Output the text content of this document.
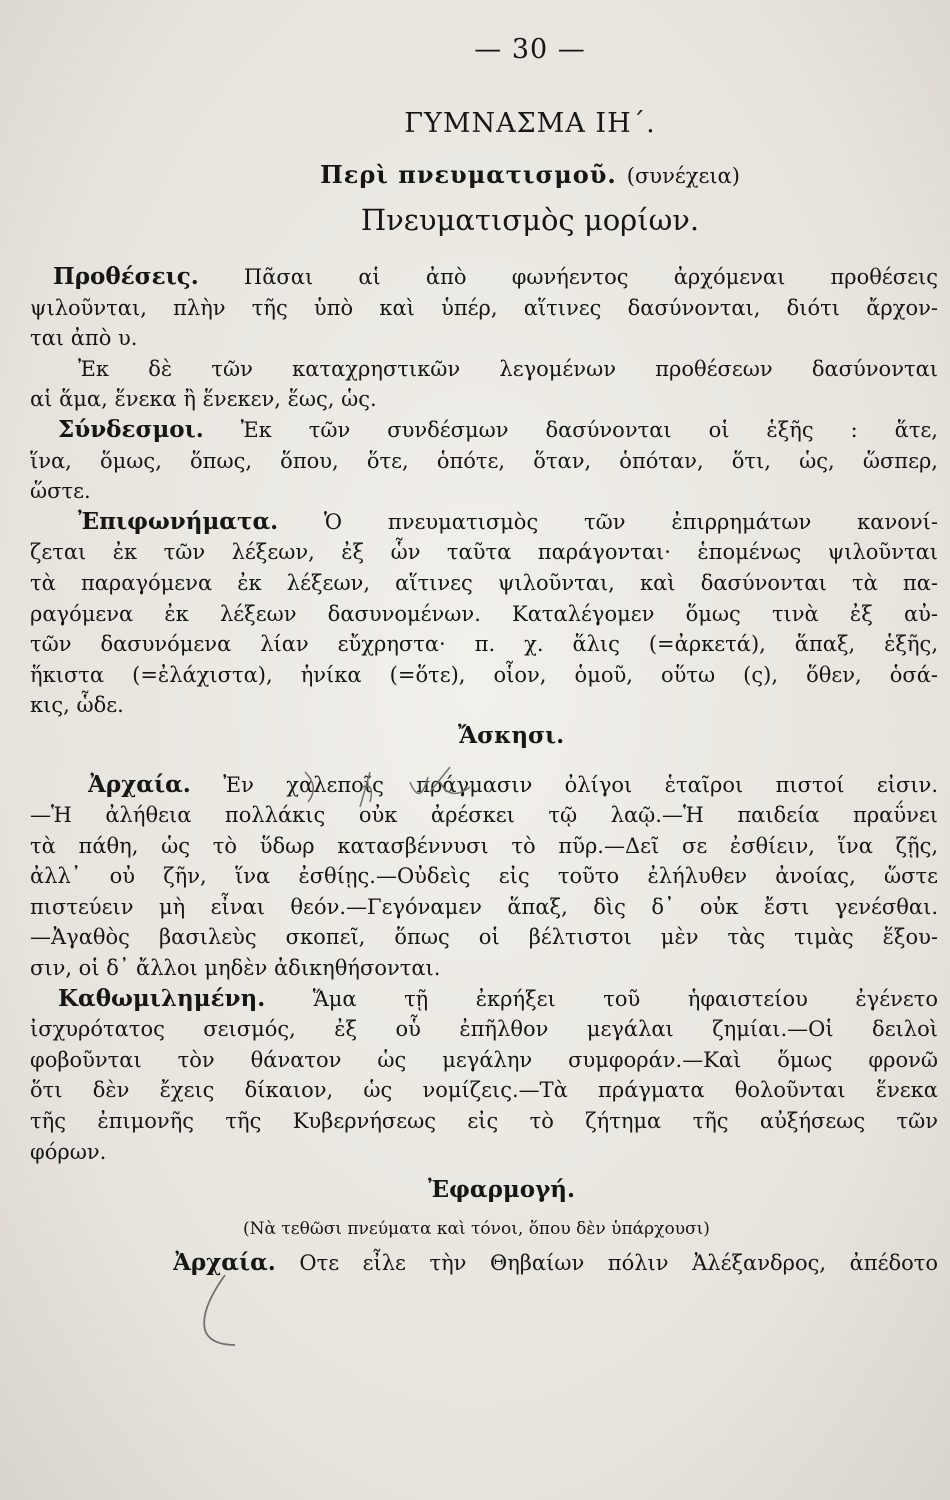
— 30 —
ΓΥΜΝΑΣΜΑ ΙΗ΄.
Περὶ πνευματισμοῦ. (συνέχεια)
Πνευματισμὸς μορίων.
Προθέσεις. Πᾶσαι αἱ ἀπὸ φωνήεντος ἀρχόμεναι προθέσεις
ψιλοῦνται, πλὴν τῆς ὑπὸ καὶ ὑπέρ, αἵτινες δασύνονται, διότι ἄρχον-
ται ἀπὸ υ.
Ἐκ δὲ τῶν καταχρηστικῶν λεγομένων προθέσεων δασύνονται
αἱ ἅμα, ἕνεκα ἢ ἕνεκεν, ἕως, ὡς.
Σύνδεσμοι. Ἐκ τῶν συνδέσμων δασύνονται οἱ ἑξῆς : ἅτε,
ἵνα, ὅμως, ὅπως, ὅπου, ὅτε, ὁπότε, ὅταν, ὁπόταν, ὅτι, ὡς, ὥσπερ,
ὥστε.
Ἐπιφωνήματα. Ὁ πνευματισμὸς τῶν ἐπιρρημάτων κανονί-
ζεται ἐκ τῶν λέξεων, ἐξ ὧν ταῦτα παράγονται· ἑπομένως ψιλοῦνται
τὰ παραγόμενα ἐκ λέξεων, αἵτινες ψιλοῦνται, καὶ δασύνονται τὰ πα-
ραγόμενα ἐκ λέξεων δασυνομένων. Καταλέγομεν ὅμως τινὰ ἐξ αὐ-
τῶν δασυνόμενα λίαν εὔχρηστα· π. χ. ἅλις (=ἀρκετά), ἅπαξ, ἑξῆς,
ἥκιστα (=ἐλάχιστα), ἡνίκα (=ὅτε), οἷον, ὁμοῦ, οὕτω (ς), ὅθεν, ὁσά-
κις, ὧδε.
Ἄσκησι.
Ἀρχαία. Ἐν χαλεποῖς πράγμασιν ὀλίγοι ἑταῖροι πιστοί εἰσιν.
—Ἡ ἀλήθεια πολλάκις οὐκ ἀρέσκει τῷ λαῷ.—Ἡ παιδεία πραΰνει
τὰ πάθη, ὡς τὸ ὕδωρ κατασβέννυσι τὸ πῦρ.—Δεῖ σε ἐσθίειν, ἵνα ζῇς,
ἀλλ᾽ οὐ ζῆν, ἵνα ἐσθίῃς.—Οὐδεὶς εἰς τοῦτο ἐλήλυθεν ἀνοίας, ὥστε
πιστεύειν μὴ εἶναι θεόν.—Γεγόναμεν ἅπαξ, δὶς δ᾽ οὐκ ἔστι γενέσθαι.
—Ἀγαθὸς βασιλεὺς σκοπεῖ, ὅπως οἱ βέλτιστοι μὲν τὰς τιμὰς ἕξου-
σιν, οἱ δ᾽ ἄλλοι μηδὲν ἀδικηθήσονται.
Καθωμιλημένη. Ἅμα τῇ ἐκρήξει τοῦ ἡφαιστείου ἐγένετο
ἰσχυρότατος σεισμός, ἐξ οὗ ἐπῆλθον μεγάλαι ζημίαι.—Οἱ δειλοὶ
φοβοῦνται τὸν θάνατον ὡς μεγάλην συμφοράν.—Καὶ ὅμως φρονῶ
ὅτι δὲν ἔχεις δίκαιον, ὡς νομίζεις.—Τὰ πράγματα θολοῦνται ἕνεκα
τῆς ἐπιμονῆς τῆς Κυβερνήσεως εἰς τὸ ζήτημα τῆς αὐξήσεως τῶν
φόρων.
Ἐφαρμογή.
(Νὰ τεθῶσι πνεύματα καὶ τόνοι, ὅπου δὲν ὑπάρχουσι)
Ἀρχαία. Οτε εἶλε τὴν Θηβαίων πόλιν Ἀλέξανδρος, ἀπέδοτο
